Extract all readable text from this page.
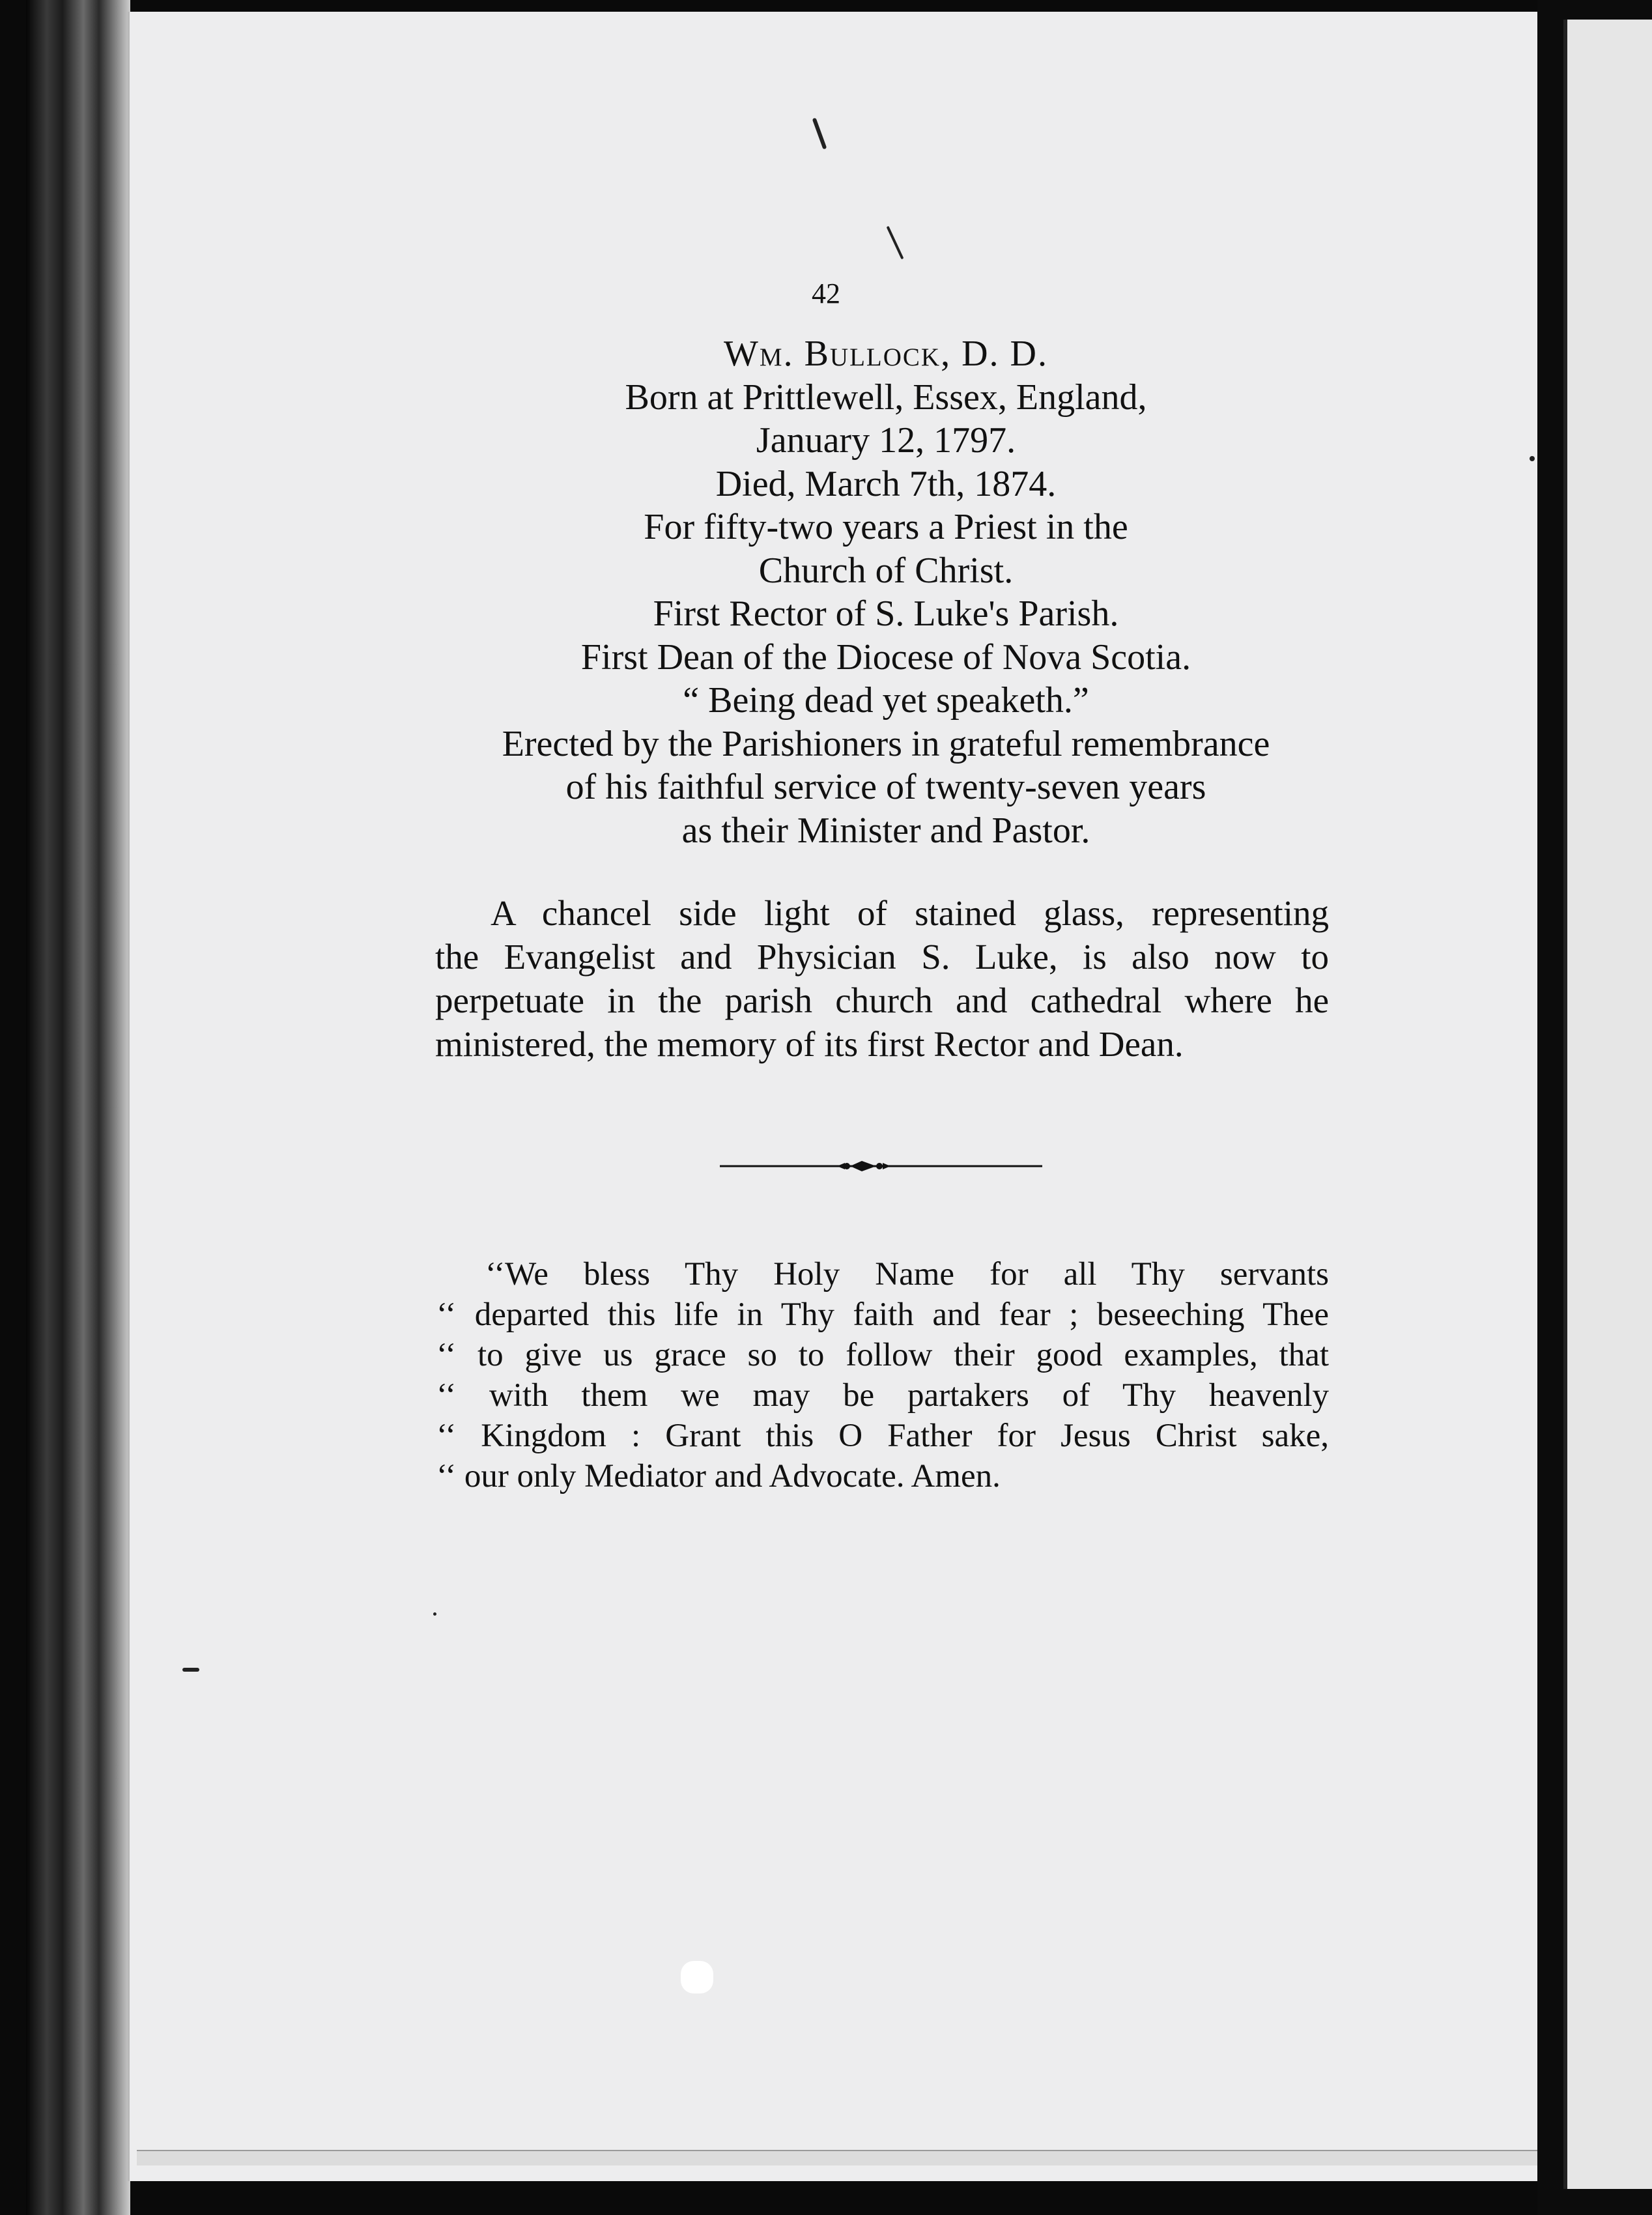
42
Wm. Bullock, D. D.
Born at Prittlewell, Essex, England,
January 12, 1797.
Died, March 7th, 1874.
For fifty-two years a Priest in the
Church of Christ.
First Rector of S. Luke's Parish.
First Dean of the Diocese of Nova Scotia.
“ Being dead yet speaketh.”
Erected by the Parishioners in grateful remembrance
of his faithful service of twenty-seven years
as their Minister and Pastor.
A chancel side light of stained glass, representing
the Evangelist and Physician S. Luke, is also now to
perpetuate in the parish church and cathedral where he
ministered, the memory of its first Rector and Dean.
‘‘We bless Thy Holy Name for all Thy servants
‘‘ departed this life in Thy faith and fear ; beseeching Thee
‘‘ to give us grace so to follow their good examples, that
‘‘ with them we may be partakers of Thy heavenly
‘‘ Kingdom : Grant this O Father for Jesus Christ sake,
‘‘ our only Mediator and Advocate. Amen.
